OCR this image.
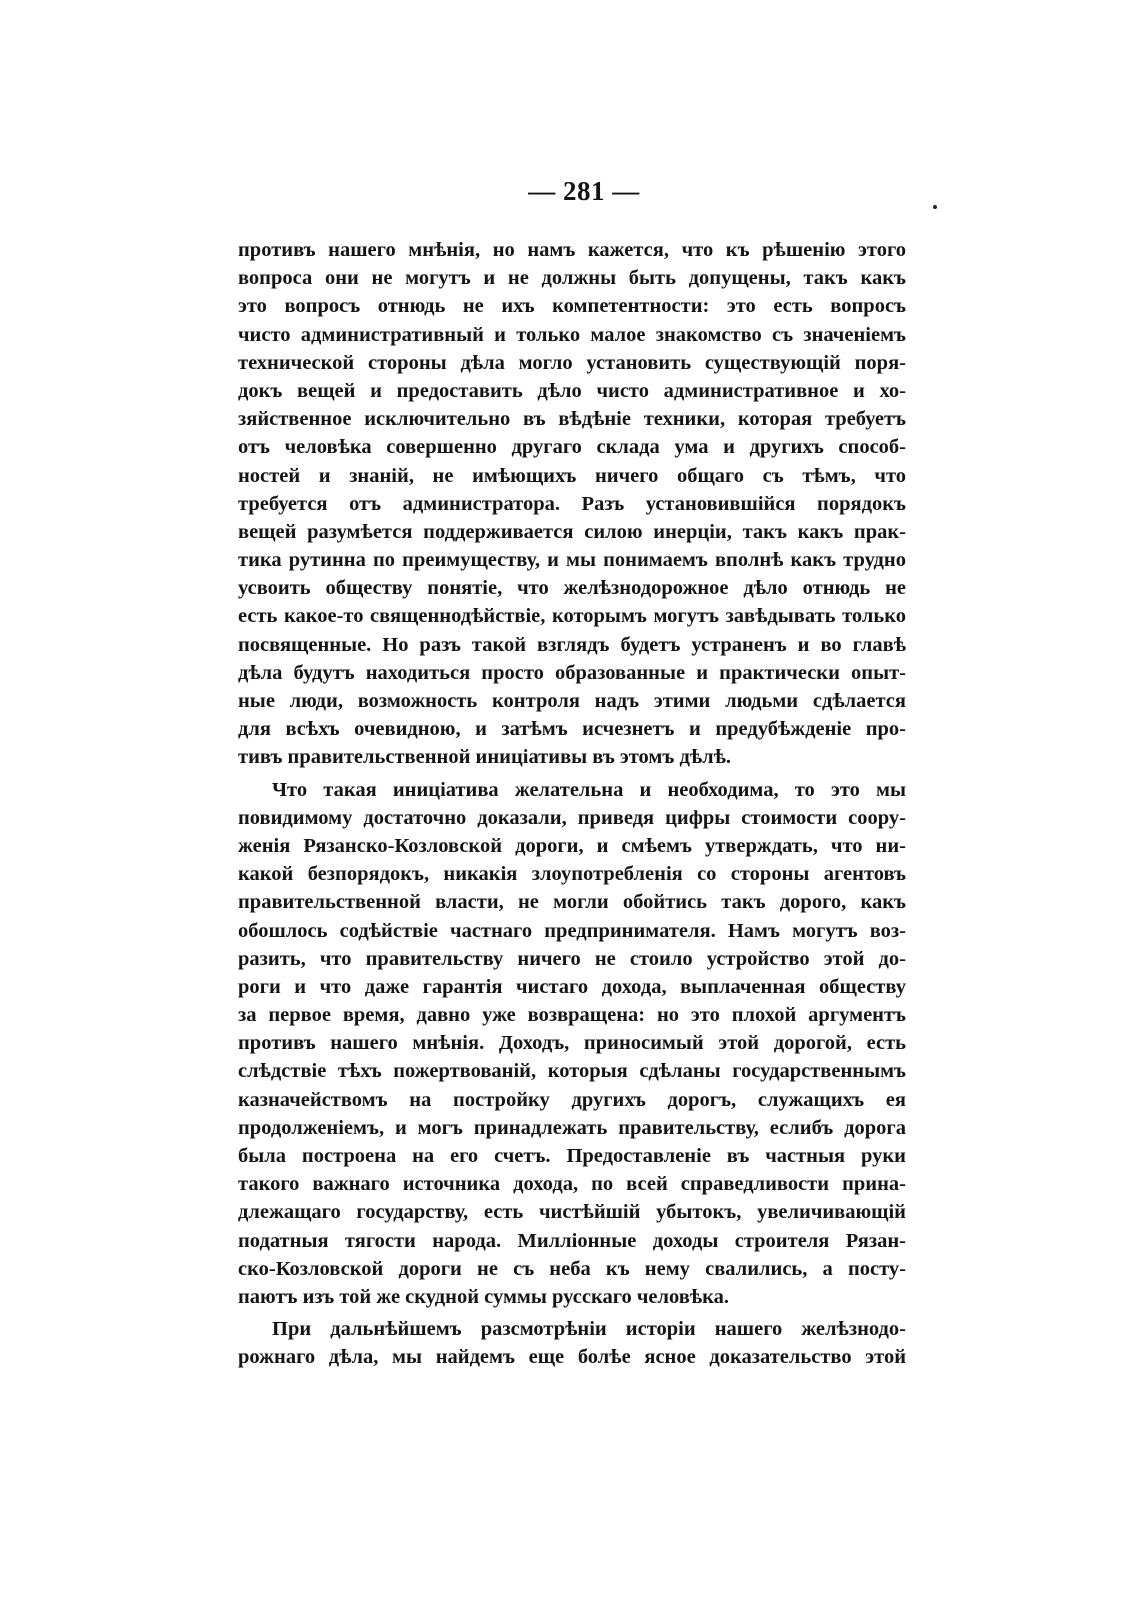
— 281 —
противъ нашего мнѣнія, но намъ кажется, что къ рѣшенію этого
вопроса они не могутъ и не должны быть допущены, такъ какъ
это вопросъ отнюдь не ихъ компетентности: это есть вопросъ
чисто административный и только малое знакомство съ значеніемъ
технической стороны дѣла могло установить существующій поря-
докъ вещей и предоставить дѣло чисто административное и хо-
зяйственное исключительно въ вѣдѣніе техники, которая требуетъ
отъ человѣка совершенно другаго склада ума и другихъ способ-
ностей и знаній, не имѣющихъ ничего общаго съ тѣмъ, что
требуется отъ администратора. Разъ установившійся порядокъ
вещей разумѣется поддерживается силою инерціи, такъ какъ прак-
тика рутинна по преимуществу, и мы понимаемъ вполнѣ какъ трудно
усвоить обществу понятіе, что желѣзнодорожное дѣло отнюдь не
есть какое-то священнодѣйствіе, которымъ могутъ завѣдывать только
посвященные. Но разъ такой взглядъ будетъ устраненъ и во главѣ
дѣла будутъ находиться просто образованные и практически опыт-
ные люди, возможность контроля надъ этими людьми сдѣлается
для всѣхъ очевидною, и затѣмъ исчезнетъ и предубѣжденіе про-
тивъ правительственной иниціативы въ этомъ дѣлѣ.
Что такая иниціатива желательна и необходима, то это мы
повидимому достаточно доказали, приведя цифры стоимости соору-
женія Рязанско-Козловской дороги, и смѣемъ утверждать, что ни-
какой безпорядокъ, никакія злоупотребленія со стороны агентовъ
правительственной власти, не могли обойтись такъ дорого, какъ
обошлось содѣйствіе частнаго предпринимателя. Намъ могутъ воз-
разить, что правительству ничего не стоило устройство этой до-
роги и что даже гарантія чистаго дохода, выплаченная обществу
за первое время, давно уже возвращена: но это плохой аргументъ
противъ нашего мнѣнія. Доходъ, приносимый этой дорогой, есть
слѣдствіе тѣхъ пожертвованій, которыя сдѣланы государственнымъ
казначействомъ на постройку другихъ дорогъ, служащихъ ея
продолженіемъ, и могъ принадлежать правительству, еслибъ дорога
была построена на его счетъ. Предоставленіе въ частныя руки
такого важнаго источника дохода, по всей справедливости прина-
длежащаго государству, есть чистѣйшій убытокъ, увеличивающій
податныя тягости народа. Милліонные доходы строителя Рязан-
ско-Козловской дороги не съ неба къ нему свалились, а посту-
паютъ изъ той же скудной суммы русскаго человѣка.
При дальнѣйшемъ разсмотрѣніи исторіи нашего желѣзнодо-
рожнаго дѣла, мы найдемъ еще болѣе ясное доказательство этой
